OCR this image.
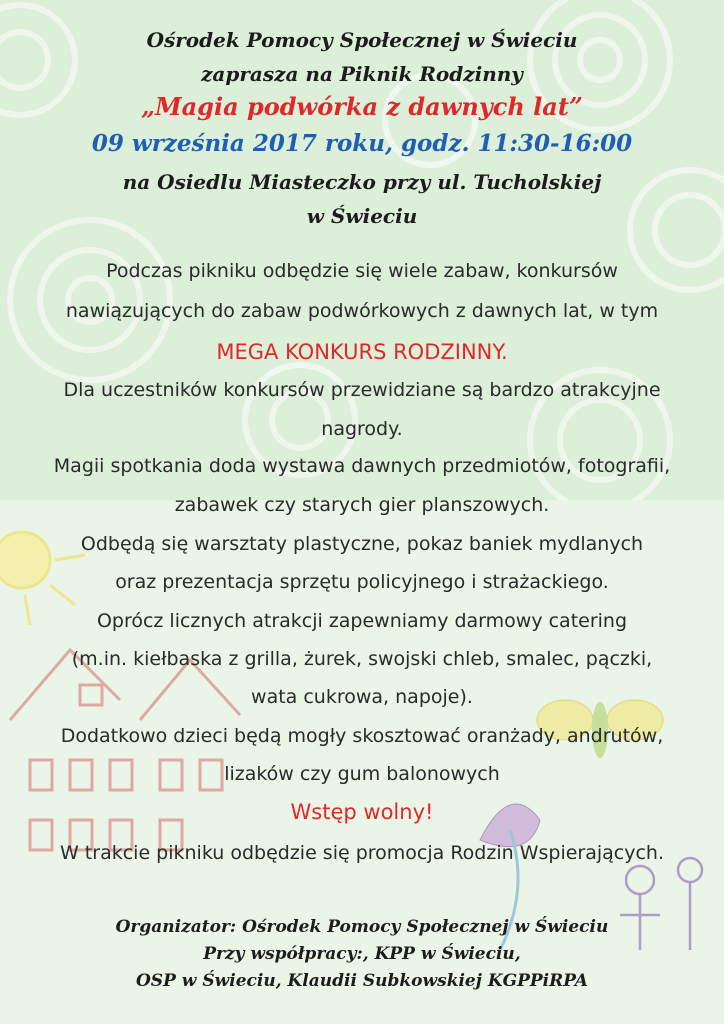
Ośrodek Pomocy Społecznej w Świeciu
zaprasza na Piknik Rodzinny
„Magia podwórka z dawnych lat”
09 września 2017 roku, godz. 11:30-16:00
na Osiedlu Miasteczko przy ul. Tucholskiej
w Świeciu
Podczas pikniku odbędzie się wiele zabaw, konkursów
nawiązujących do zabaw podwórkowych z dawnych lat, w tym
MEGA KONKURS RODZINNY.
Dla uczestników konkursów przewidziane są bardzo atrakcyjne
nagrody.
Magii spotkania doda wystawa dawnych przedmiotów, fotografii,
zabawek czy starych gier planszowych.
Odbędą się warsztaty plastyczne, pokaz baniek mydlanych
oraz prezentacja sprzętu policyjnego i strażackiego.
Oprócz licznych atrakcji zapewniamy darmowy catering
(m.in. kiełbaska z grilla, żurek, swojski chleb, smalec, pączki,
wata cukrowa, napoje).
Dodatkowo dzieci będą mogły skosztować oranżady, andrutów,
lizaków czy gum balonowych
Wstęp wolny!
W trakcie pikniku odbędzie się promocja Rodzin Wspierających.
Organizator: Ośrodek Pomocy Społecznej w Świeciu
Przy współpracy:, KPP w Świeciu,
OSP w Świeciu, Klaudii Subkowskiej KGPPiRPA
